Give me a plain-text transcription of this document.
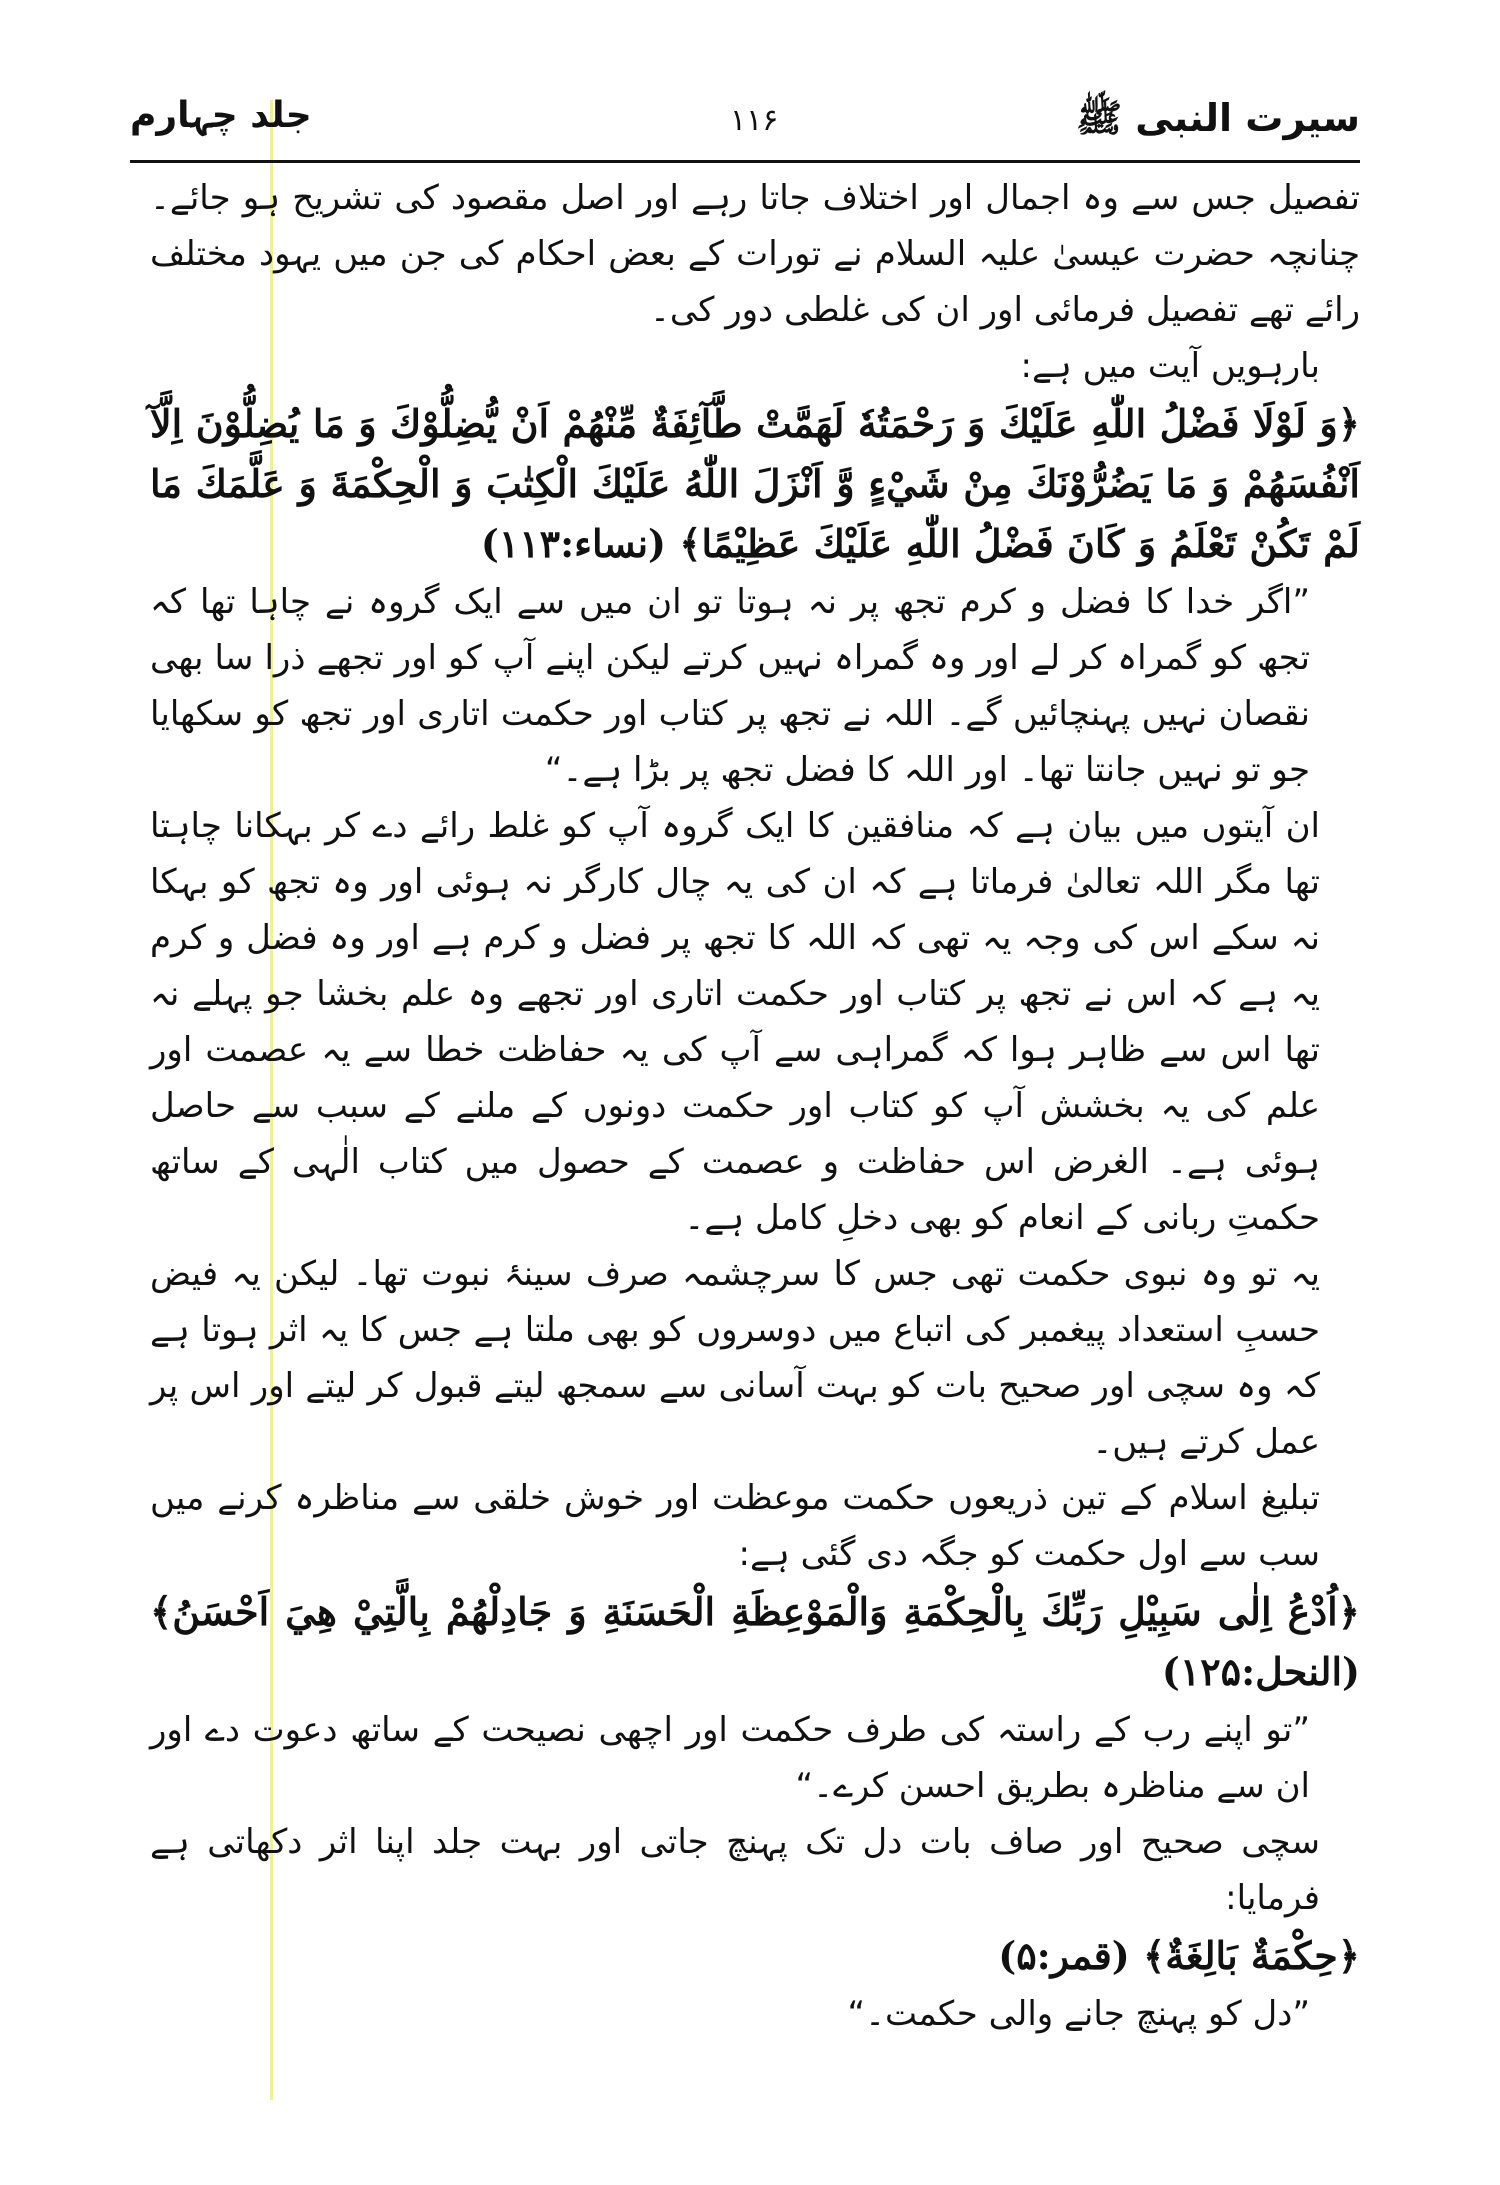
سیرت النبی ﷺ
۱۱۶
جلد چہارم

تفصیل جس سے وہ اجمال اور اختلاف جاتا رہے اور اصل مقصود کی تشریح ہو جائے۔ چنانچہ حضرت عیسیٰ علیہ السلام نے تورات کے بعض احکام کی جن میں یہود مختلف رائے تھے تفصیل فرمائی اور ان کی غلطی دور کی۔

بارہویں آیت میں ہے:

﴿وَ لَوْلَا فَضْلُ اللّٰهِ عَلَيْكَ وَ رَحْمَتُهٗ لَهَمَّتْ طَّآئِفَةٌ مِّنْهُمْ اَنْ يُّضِلُّوْكَ وَ مَا يُضِلُّوْنَ اِلَّآ اَنْفُسَهُمْ وَ مَا يَضُرُّوْنَكَ مِنْ شَيْءٍ وَّ اَنْزَلَ اللّٰهُ عَلَيْكَ الْكِتٰبَ وَ الْحِكْمَةَ وَ عَلَّمَكَ مَا لَمْ تَكُنْ تَعْلَمُ وَ كَانَ فَضْلُ اللّٰهِ عَلَيْكَ عَظِيْمًا﴾ (نساء:۱۱۳)

”اگر خدا کا فضل و کرم تجھ پر نہ ہوتا تو ان میں سے ایک گروہ نے چاہا تھا کہ تجھ کو گمراہ کر لے اور وہ گمراہ نہیں کرتے لیکن اپنے آپ کو اور تجھے ذرا سا بھی نقصان نہیں پہنچائیں گے۔ اللہ نے تجھ پر کتاب اور حکمت اتاری اور تجھ کو سکھایا جو تو نہیں جانتا تھا۔ اور اللہ کا فضل تجھ پر بڑا ہے۔“

ان آیتوں میں بیان ہے کہ منافقین کا ایک گروہ آپ کو غلط رائے دے کر بہکانا چاہتا تھا مگر اللہ تعالیٰ فرماتا ہے کہ ان کی یہ چال کارگر نہ ہوئی اور وہ تجھ کو بہکا نہ سکے اس کی وجہ یہ تھی کہ اللہ کا تجھ پر فضل و کرم ہے اور وہ فضل و کرم یہ ہے کہ اس نے تجھ پر کتاب اور حکمت اتاری اور تجھے وہ علم بخشا جو پہلے نہ تھا اس سے ظاہر ہوا کہ گمراہی سے آپ کی یہ حفاظت خطا سے یہ عصمت اور علم کی یہ بخشش آپ کو کتاب اور حکمت دونوں کے ملنے کے سبب سے حاصل ہوئی ہے۔ الغرض اس حفاظت و عصمت کے حصول میں کتاب الٰہی کے ساتھ حکمتِ ربانی کے انعام کو بھی دخلِ کامل ہے۔

یہ تو وہ نبوی حکمت تھی جس کا سرچشمہ صرف سینۂ نبوت تھا۔ لیکن یہ فیض حسبِ استعداد پیغمبر کی اتباع میں دوسروں کو بھی ملتا ہے جس کا یہ اثر ہوتا ہے کہ وہ سچی اور صحیح بات کو بہت آسانی سے سمجھ لیتے قبول کر لیتے اور اس پر عمل کرتے ہیں۔

تبلیغ اسلام کے تین ذریعوں حکمت موعظت اور خوش خلقی سے مناظرہ کرنے میں سب سے اول حکمت کو جگہ دی گئی ہے:

﴿اُدْعُ اِلٰى سَبِيْلِ رَبِّكَ بِالْحِكْمَةِ وَالْمَوْعِظَةِ الْحَسَنَةِ وَ جَادِلْهُمْ بِالَّتِيْ هِيَ اَحْسَنُ﴾ (النحل:۱۲۵)

”تو اپنے رب کے راستہ کی طرف حکمت اور اچھی نصیحت کے ساتھ دعوت دے اور ان سے مناظرہ بطریق احسن کرے۔“

سچی صحیح اور صاف بات دل تک پہنچ جاتی اور بہت جلد اپنا اثر دکھاتی ہے فرمایا:

﴿حِكْمَةٌ بَالِغَةٌ﴾ (قمر:۵)

”دل کو پہنچ جانے والی حکمت۔“
